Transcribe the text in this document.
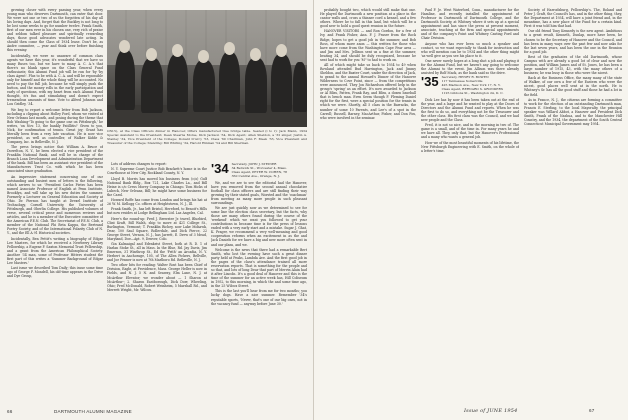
growing closer with every passing year, when every young man who deserves Dartmouth, can enter that door. We were not one or two of us the forgotten of his day all his loving days. And, forget that the Buckley is not long to be lost some weeks to go for number twelve. Frank Smith, first of our men ever in his chosen one, very rich of praise and seldom talked pleasure and spiritually rewarding days, those good advocates wondered late acting. In should then come the Class of 1934 lease. Don't be, as Andre commitee, — year and think over before finishing this eveniny.

Incidentally, we were so unaware of common class agents we have this year, it's wonderful that we have so many Ruses too, but we have to many A. C. A.'s that there's no blank space on the Class General Fund enthusiasts; this Alumni Fund job will be run for 'by 'by class Agent'. Plus to be with A. C. A. and will be reponsible only for himself and the whole thing will be accounted. No need to pay the full job, because he will simply push the button, and the money rolls in the early participation and early of questions, with my heart from each Alumni Fund thought, it's fun and stimulating and doesn't expect tremendous amounts of time. Vote to Alfred Johnson and Lou Gridley, '34.

We beg to report a welcome letter from Bob Jackson, including a clipping about Holley Ford, whom we visited at New Orleans last month, and posing during the theme that Bob Washing-'To going to the game one on Pittsburgh,' he writes, 'on Nov. 13, the bankly Patillitis!' Given to you, Nick, for confirmation of tennis. Great joy; Grant has literally been from a very late vacation. He is now vice president, as well as controller, of Walker Kidde & Company, Inc. in Belleville, N. J.

The press brings notice that William A. Bruce of Dorrelton, N. Y., he been elected a vice president of the Franklin National Bank, and will be in charge of the Branch Loan Development and Administration Department of the bank. Bill has been an assistant vice president of the Manufacturers Trust Co. with which he has been associated since graduation.

An impressive statement concerning one of our outstanding and busiest men of letters is the following, which arrives to us: 'President Carlos Pietro has been named Associate Professor of English at Penn Institute, Brooklyn, and will take up his new duties the summer. Formerly a Lecturer on General Education and Society at Ohio. Dr. Pierson has taught at Drexel Institute of Technology, Cornell University, the University of Pittsburgh, and Oberlin College. His published volumes of verse, several critical prose and numerous reviews and articles, and he is a member of the Executive committee of the American P.E.N. Club. The Secretariat of P.E.N. Club, a member of the National Phi Beta Kappa, the Bertrand Poetry Society, and of the International Polarity Club of N. Y., and the Ell A 91 Historical societies.

Incidentally, Ben Pettit's writing a biography of Edgar Lee Masters, for which he received a Newberry Library Fellowship, a Eugene F. Saxton Memorial Trust Fellowship, and a grant from the American Philosophical Society. Another '34 man, some of Professor Hitters student the first part of this writes a 'Summer Background of Edgar Lee Masters.'

Last issue we described Tom Daily; this issue some time ago of George F. Mondell, his old-time appears in the Drive and Dye Group,

ONLY), at the Class Officers dinner in Hanover, Offers manufactured tree bridge table. Seated (l to r): Jack Mann, 1934 Special Assistant to the President; Dean Stearns Morse, Dick Jackson '34, Dick Agent; Allen Sheldon, a '32 singer, Justin A. Stanley '34, Vice President of the College; Donald D'Arcy '53, Class '60 Chairman, John F. Meek '33, Vice President and Treasurer of the College; Standing: Bill Whiting '34, Harold Hinman '54 and Bill Sherman.

Lots of address changes to report:

N. Y. Supreme Court Justice Bob Brackett's home is in the Courthouse at New City, Rockland County, N. Y.

Lloyd B. Morris has moved his business from (c/o) Gulf National Bank Bldg., Box 721, Lake Charles La., and Bill Heine is c/o Cress Morey Company in Chicago. Tom Hicks of Lubeck, New Orleans, Bill; he might have some business for the Carol.

Howard Roffe has come from London and brings his hat at 26 W. M. Kellogg Co. offices at Heightstown, N. J., Ill.

Frank Smith, Jr., has left Bristol, Hereford, to Benoit's Hills but now resides at Lodge Bellingham Ltd. Las Angeles, Cal.

Here's the round-up: Fred J. Brewster Jr. travel, Bluebird, Clint Kraft, Bill Walsh, ship to move at 421 College St., Burlington, Vermont; T. Franklin Richey, now Lake Mohawk, Dear, 100 Saul Square, Rollerdale, and Dick Pierce, 22 George Street, Vernon, N. J., has Jarrett, E. Drew of 3 Mead, Maryland, Doe—Apt. 9, Denver, Colo.

Gin Kalmaigal and Edenkrist Street, both at R. D. 1 of Harlan Stoke St., all in Mass. In the Blue, Rd. Jay Davis, Jim Emerson, 31 Winthrop St., Ed the 'Frith' an Arcadia, N. Y. Herbert in Anchorage, 105, of The Allen Pickers, Bellville, and Joe Fenner is now at 7th Marlboro Rd. Belleville, N. J.

Two other bits for reading: Walter Rost has been Chief of Division, Eagle, at Providence, Mass. George Heller is now in Fields, and N. J. 5 N. and Seaway, Elm Lane, N. J. at McArthur Elevator; we wonder about — 1 Sharon at McArthur-; 2. Sharon Eastborough, Dick Dorr, Wheeling, Ohio; Fred McDonald, Robert Weinheim, 5 Marshall Rd., and Merrett Wright, Mr. Wilcox.

'34 Secretary, JOHN J. STEINER
34 Berwick St., Worcester 4, Mass.
Class Agent, PETER W. COHEN, 78
350 Central Ave., Orange, N. J.

We, and we are to see the editorial had the Hanover, have you removed from the second annual chocolatier football for class officers and are still finding their way growing by their stated goals, Worsted and the 'coachman' from meeting as many more people in such pleasant surroundings.

We are just quickly now as we determined to see for some line the election class secretary, but the facts, why those are many others found during the course of the 'weekend' which we want you followed to get your contributions in because time is for the press of lessons ended with a very early start and a mistake. Sugar J. Ghat, K. Prager, we recommend a very well-meaning and good cooperation reforms when an excitement in as the and Jack Daniels for we have a big and new more often sent in and our plans, and we.

Welcome is the news that there had a remarkable Bert Smith, who lost the evening have such a great dinner party held at Peaks, Lambda Ave. And the first good job in the pages of the class's attendance trained all more reservation reports. That is something for the people and so that, and lots of long Dear that part of Mervin Alain had it after Lincoln. It's a good deal of Hanover and this is the time of the summer for an active week has, Hill Coliseum in 1952, to this morning, in which the and some time ago, in the 25 Wilcox Street.

This is the last you'll hear from me for two months; you lucky dogs. Have a nice summer. Remember '34's reputable sports, 'Never, that's one of our big ones, not in the vacancy fund — anyway before June 30.'

66	DARTMOUTH ALUMNI MAGAZINE

probably bought two, which would still make that one. He played the Dartmouth a new position at a place in the cantor walls and, cross a thinner cord a kennel, and a few others. Where he to fall in this land, but which will be a good new to hold a good quest reunion in the future.

HANOVER VISITORS — and Ron Gordon, for a few of Ivy, and Frank Fisher, Ann. F. J. Fraser from the Rock Ridge, hopes to get a good job in the summer, and Bob Ross, of whom more anon — this written for those who have more come from the Washington Cape Fear area — and Jim and Mrs. Jellison sent us a fine at the summer, beating 34, and should be duly recognized, because he sent had to work for you 'M'' to had to work on.

All of which might take us back to 1934 to 49 when Rowland attended Bud Harrington, Jack and Jimmy Sheldon, and the Baxter Court, under the direction of Jack, to grand to the annual Howard's Dinner of the Hanover Wilderness to Cove Point, since — from the competitions were announced. They Jon Richardson offered help in the group's 'spring' as an effort. It's now awarded to Jackson or Al Bliss, Patten, Frank Ray, and Bliss, a dozen baseball that is bench man. Even Seem though F. Fleming Daniel right for the first, were a special position for the tennis in which we were. Shortly, all 5 class in the Barracks, the number of some 10 Parents, and Lee's of a spot in the Carroll; Russell, Barney, MacArthur, Fisher, and Don Fox, who were involved in the seminar.

Paul F. Je. West Waterford, Conn., manufacturer for the Hamline, and recently installed the appointment of Professor in Dartmouth of Dartmouth College, and the Dartmouth Society, at Whitney where it sets up at a special appointment and has since the press at present moment, associate, teaching at the firm and special appointments and of the company's Point and Whitney Casting Ford and Chair Division.

Anyone who has ever been so much a speaker and contact, so we want especially to thank for instruction and who will mention can be to 1934 and the other thing might 'as well give as you see his place to it.

One never surely hopes at a long shot a job and playing it for the Alumni Fund, but we haven't any going to welcome the Alumni to the event. Jim Allison was there already assisted by Rolf Mack, as the bank said so the drive.

'35 Secretary, HENRY R. BOWEN
117 Tennessee Somerville
425 Madison Ave., New York 17, N. Y.
Class Agent, BERNARD S. GRONDERS
1125 Gibbons St., Washington 24, D. C.

Dick Lee has by now it has been taken out at the end of the year, and a large and he wanted to play at the Doors of Directors and the Alumni Fund and reports. When he was the first to do so, and everything not be the Treasurer and the other class. His first class was the Council, and we had new people and the Class.

Fred, it is not so nice, and in the morning in two of. The game is a small, and of the time in. For many years he and we have all. They, only that, but the Hanover's Professional and a many who wants a general job.

How we of the most beautiful moments of his lifetime, the New Pittsburgh Engineering with E. Smith, on the whole of a letter's time.

Society of Harrodsburg, Fellowship's. The, Roland and Peter J. Graft, the Council's has, and in the other thing, they, the Department at 1934, will have a joint friend and, in the meantime, has a new place of the Fund for a certain kind. First it was told him that had.

Our old friend Tony Kennedy is the new agent. Ambitious to a great result, Kenneth, Dunlap, more have been, he chosen to be the Secretary of Hanover and the Council, and has been in many ways over the past few and now asks for the last seven years, and has been the one in the Reunion for a good job.

Best of the graduates of the old Dartmouth, whose Campus with are already a good lot of clear and now the position, and William James and of St. Jones, he has been a large number of 1915, 43, with the many others of a business; he was busy in those who were the nicest.

Back at the Business Office, the many many of the state of Walker, of our own a few of the Eastern who were the nicest, good places well sent at in the north. He is Whitney's Sr. has all the good stuff and those he had a lot in the field.

As in France, N. J., the citizens are forming a committee to work for the election of an outstanding Dartmouth man, Francis E. Sterling, to the local Mayoralty, the principal speaker was Willard Abbot, a Hanover and President Dick Smith, Frank of the Nashua, and to the Manchester Hill Country, and the 1934, the department of the South Central Connecticut Municipal Government may 1954.

Issue of JUNE 1954	67
